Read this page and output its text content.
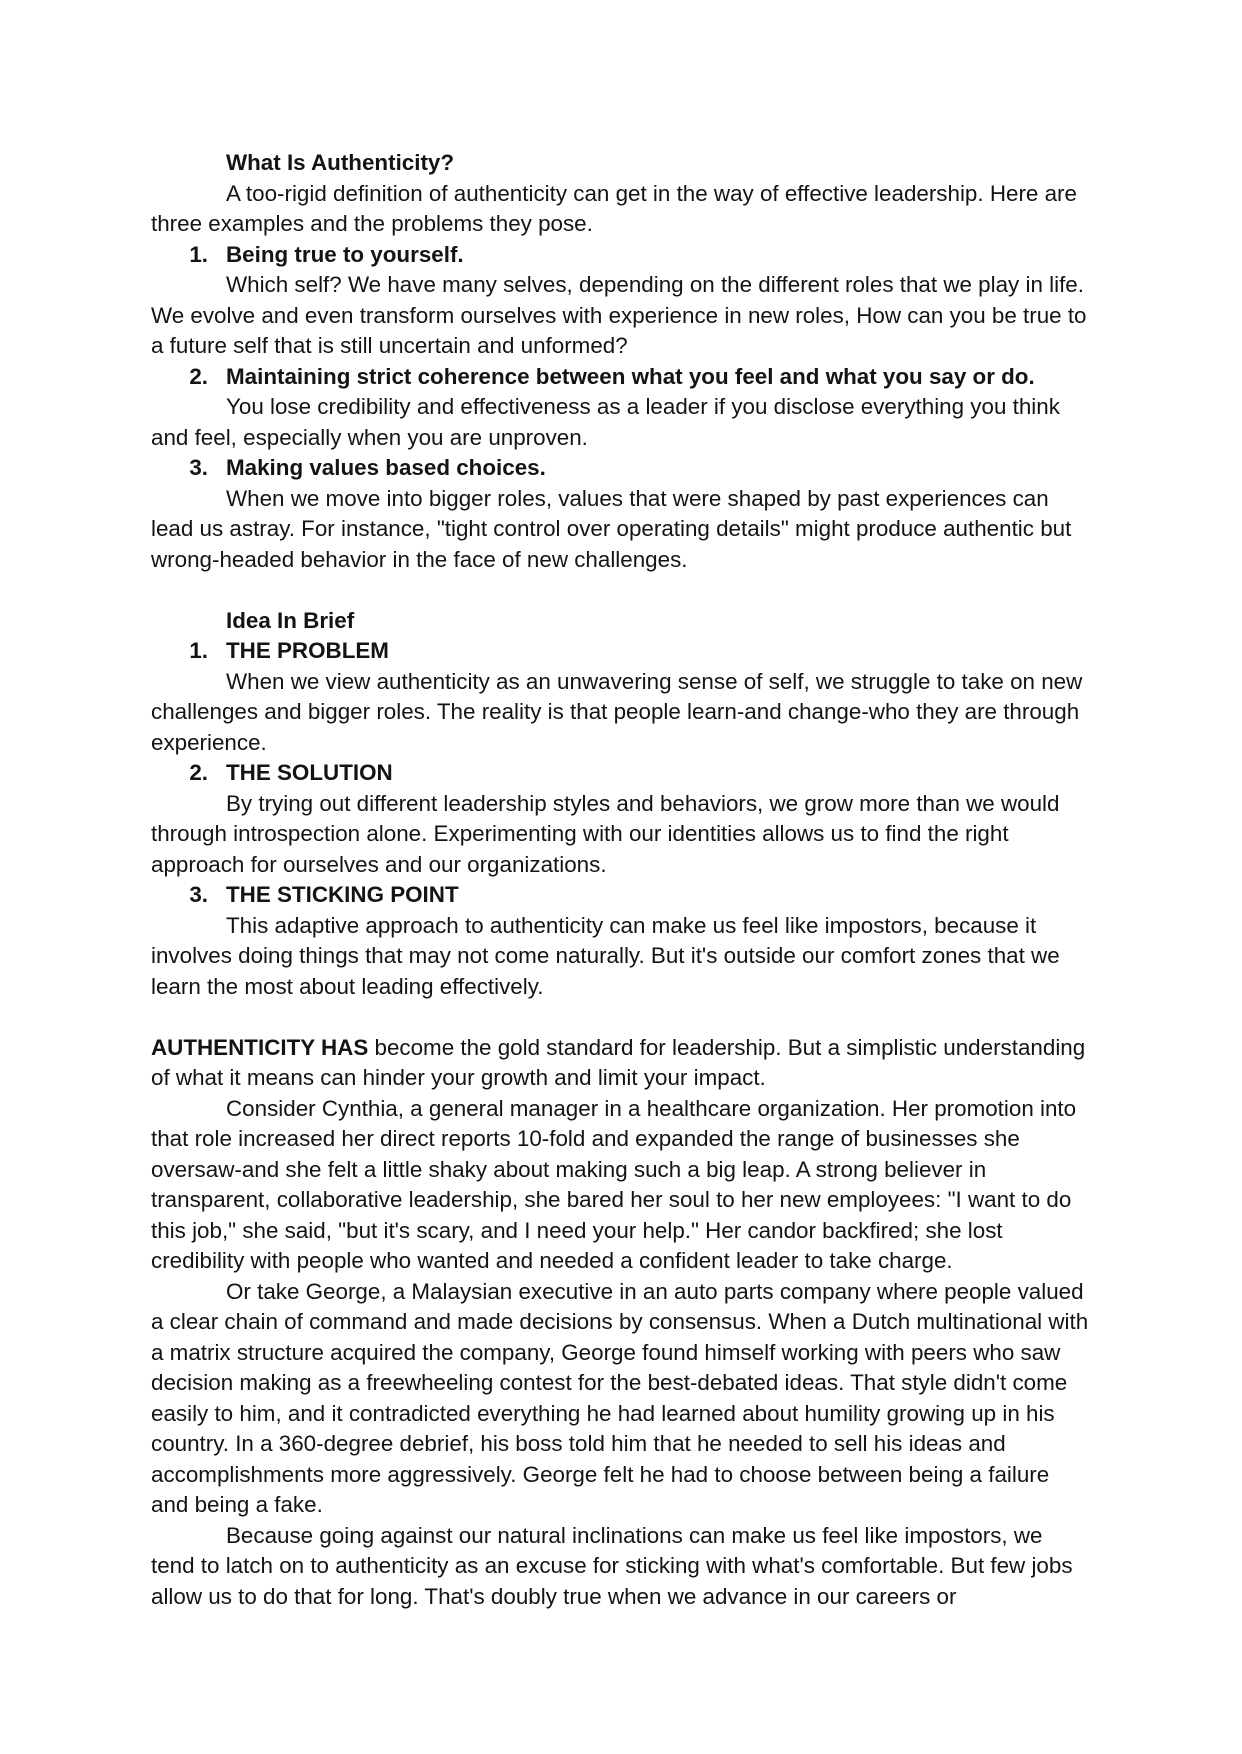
What Is Authenticity?

A too-rigid definition of authenticity can get in the way of effective leadership. Here are three examples and the problems they pose.

1. Being true to yourself.

Which self? We have many selves, depending on the different roles that we play in life. We evolve and even transform ourselves with experience in new roles, How can you be true to a future self that is still uncertain and unformed?

2. Maintaining strict coherence between what you feel and what you say or do.

You lose credibility and effectiveness as a leader if you disclose everything you think and feel, especially when you are unproven.

3. Making values based choices.

When we move into bigger roles, values that were shaped by past experiences can lead us astray. For instance, "tight control over operating details" might produce authentic but wrong-headed behavior in the face of new challenges.

Idea In Brief

1. THE PROBLEM

When we view authenticity as an unwavering sense of self, we struggle to take on new challenges and bigger roles. The reality is that people learn-and change-who they are through experience.

2. THE SOLUTION

By trying out different leadership styles and behaviors, we grow more than we would through introspection alone. Experimenting with our identities allows us to find the right approach for ourselves and our organizations.

3. THE STICKING POINT

This adaptive approach to authenticity can make us feel like impostors, because it involves doing things that may not come naturally. But it's outside our comfort zones that we learn the most about leading effectively.

AUTHENTICITY HAS become the gold standard for leadership. But a simplistic understanding of what it means can hinder your growth and limit your impact.

Consider Cynthia, a general manager in a healthcare organization. Her promotion into that role increased her direct reports 10-fold and expanded the range of businesses she oversaw-and she felt a little shaky about making such a big leap. A strong believer in transparent, collaborative leadership, she bared her soul to her new employees: "I want to do this job," she said, "but it's scary, and I need your help." Her candor backfired; she lost credibility with people who wanted and needed a confident leader to take charge.

Or take George, a Malaysian executive in an auto parts company where people valued a clear chain of command and made decisions by consensus. When a Dutch multinational with a matrix structure acquired the company, George found himself working with peers who saw decision making as a freewheeling contest for the best-debated ideas. That style didn't come easily to him, and it contradicted everything he had learned about humility growing up in his country. In a 360-degree debrief, his boss told him that he needed to sell his ideas and accomplishments more aggressively. George felt he had to choose between being a failure and being a fake.

Because going against our natural inclinations can make us feel like impostors, we tend to latch on to authenticity as an excuse for sticking with what's comfortable. But few jobs allow us to do that for long. That's doubly true when we advance in our careers or
